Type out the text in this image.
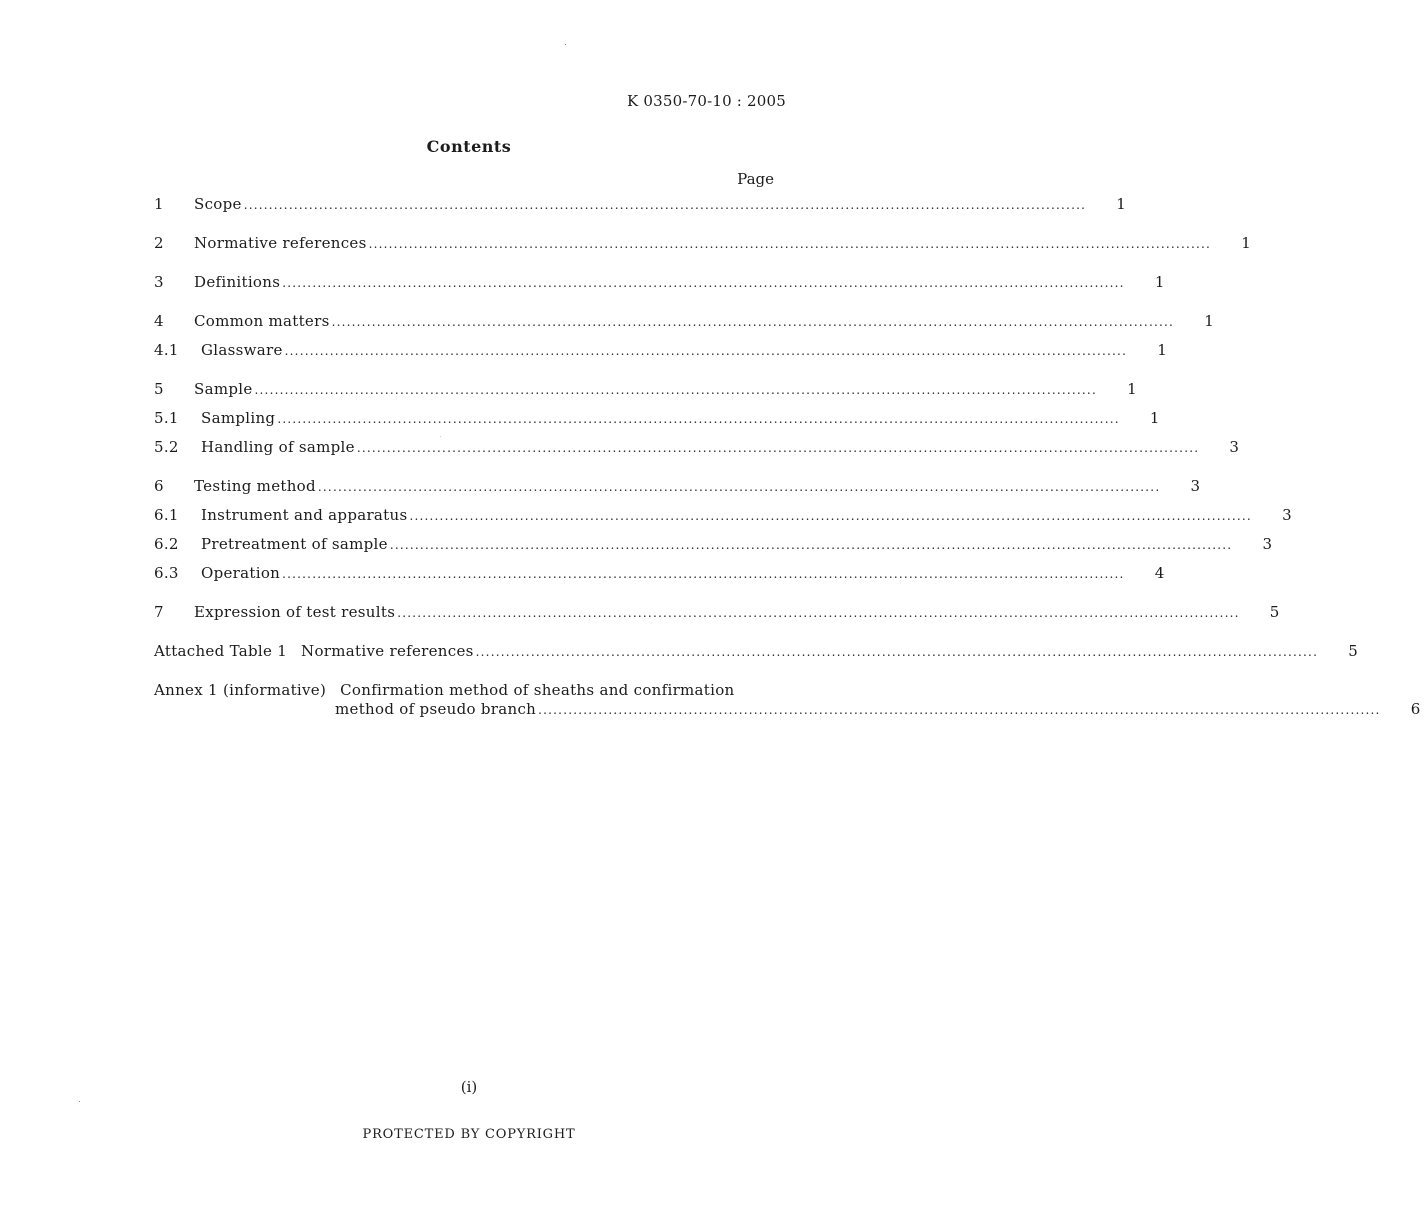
K 0350-70-10 : 2005
Contents
Page
1	Scope ........................................................................................................................................................................	1
2	Normative references ........................................................................................................................................................................	1
3	Definitions ........................................................................................................................................................................	1
4	Common matters ........................................................................................................................................................................	1
4.1	Glassware ........................................................................................................................................................................	1
5	Sample ........................................................................................................................................................................	1
5.1	Sampling ........................................................................................................................................................................	1
5.2	Handling of sample ........................................................................................................................................................................	3
6	Testing method ........................................................................................................................................................................	3
6.1	Instrument and apparatus ........................................................................................................................................................................	3
6.2	Pretreatment of sample ........................................................................................................................................................................	3
6.3	Operation ........................................................................................................................................................................	4
7	Expression of test results ........................................................................................................................................................................	5
Attached Table 1 Normative references ........................................................................................................................................................................	5
Annex 1 (informative) Confirmation method of sheaths and confirmation
method of pseudo branch ........................................................................................................................................................................	6
(i)
PROTECTED BY COPYRIGHT
